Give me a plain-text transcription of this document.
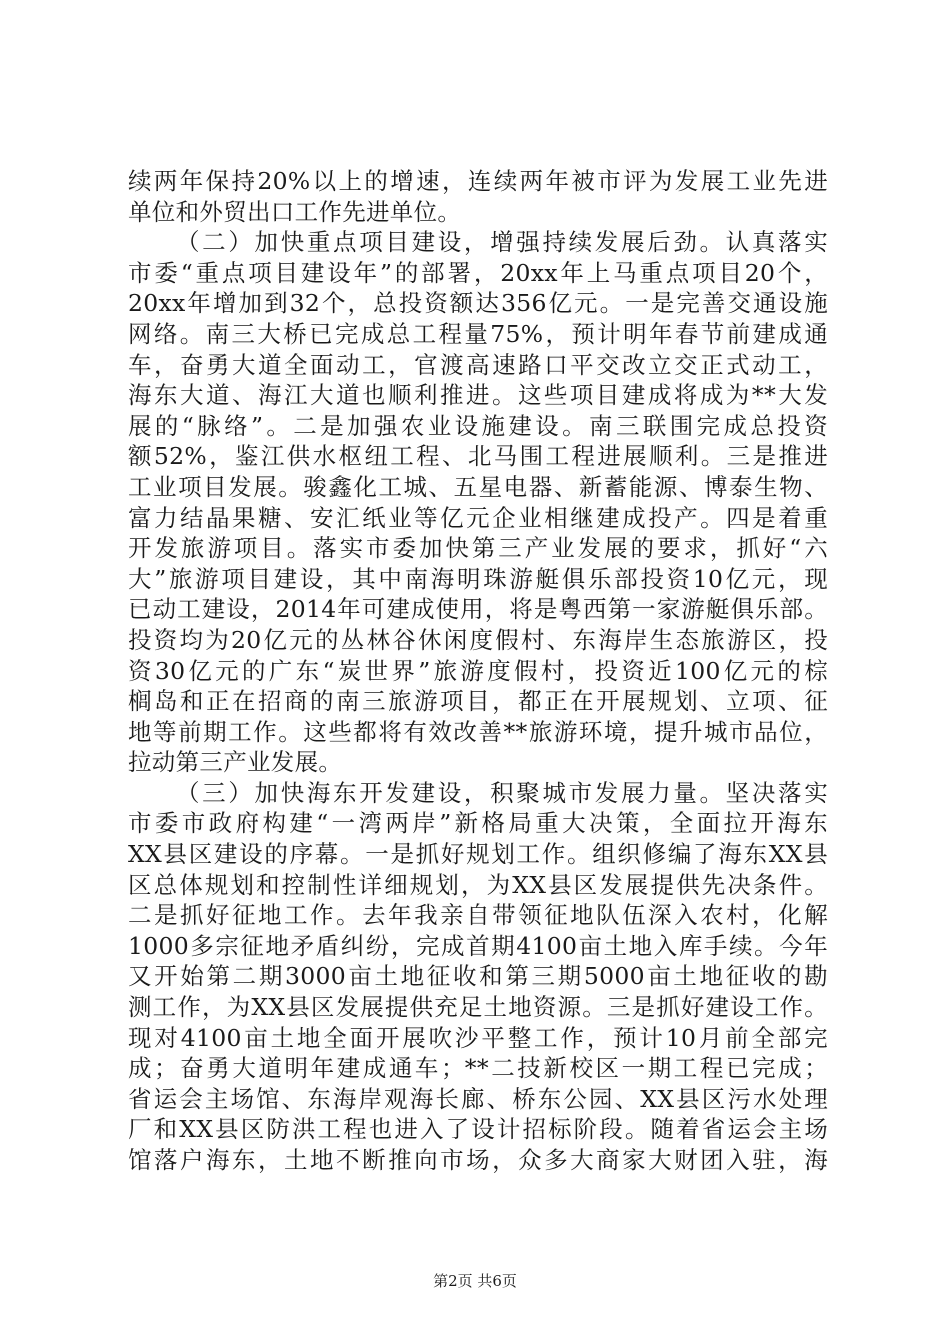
续两年保持20%以上的增速，连续两年被市评为发展工业先进
单位和外贸出口工作先进单位。
（二）加快重点项目建设，增强持续发展后劲。认真落实
市委“重点项目建设年”的部署，20xx年上马重点项目20个，
20xx年增加到32个，总投资额达356亿元。一是完善交通设施
网络。南三大桥已完成总工程量75%，预计明年春节前建成通
车，奋勇大道全面动工，官渡高速路口平交改立交正式动工，
海东大道、海江大道也顺利推进。这些项目建成将成为**大发
展的“脉络”。二是加强农业设施建设。南三联围完成总投资
额52%，鉴江供水枢纽工程、北马围工程进展顺利。三是推进
工业项目发展。骏鑫化工城、五星电器、新蓄能源、博泰生物、
富力结晶果糖、安汇纸业等亿元企业相继建成投产。四是着重
开发旅游项目。落实市委加快第三产业发展的要求，抓好“六
大”旅游项目建设，其中南海明珠游艇俱乐部投资10亿元，现
已动工建设，2014年可建成使用，将是粤西第一家游艇俱乐部。
投资均为20亿元的丛林谷休闲度假村、东海岸生态旅游区，投
资30亿元的广东“炭世界”旅游度假村，投资近100亿元的棕
榈岛和正在招商的南三旅游项目，都正在开展规划、立项、征
地等前期工作。这些都将有效改善**旅游环境，提升城市品位，
拉动第三产业发展。
（三）加快海东开发建设，积聚城市发展力量。坚决落实
市委市政府构建“一湾两岸”新格局重大决策，全面拉开海东
XX县区建设的序幕。一是抓好规划工作。组织修编了海东XX县
区总体规划和控制性详细规划，为XX县区发展提供先决条件。
二是抓好征地工作。去年我亲自带领征地队伍深入农村，化解
1000多宗征地矛盾纠纷，完成首期4100亩土地入库手续。今年
又开始第二期3000亩土地征收和第三期5000亩土地征收的勘
测工作，为XX县区发展提供充足土地资源。三是抓好建设工作。
现对4100亩土地全面开展吹沙平整工作，预计10月前全部完
成；奋勇大道明年建成通车；**二技新校区一期工程已完成；
省运会主场馆、东海岸观海长廊、桥东公园、XX县区污水处理
厂和XX县区防洪工程也进入了设计招标阶段。随着省运会主场
馆落户海东，土地不断推向市场，众多大商家大财团入驻，海
第2页 共6页
